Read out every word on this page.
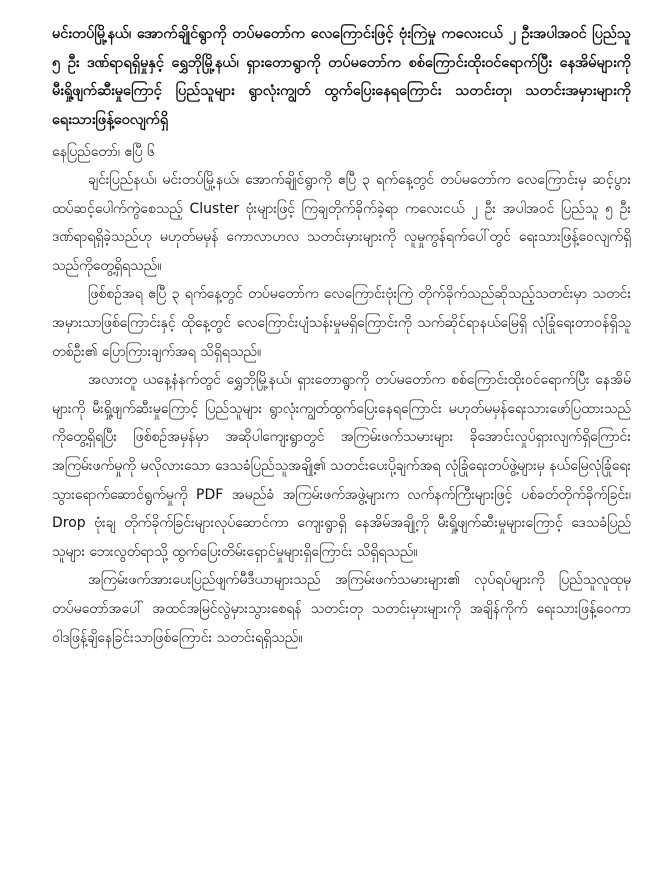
မင်းတပ်မြို့နယ်၊ အောက်ချိုင်ရွာကို တပ်မတော်က လေကြောင်းဖြင့် ဗုံးကြဲမှု ကလေးငယ် ၂ ဦးအပါအဝင် ပြည်သူ ၅ ဦး ဒဏ်ရာရရှိမှုနှင့် ရွှေဘိုမြို့နယ်၊ ရှားတောရွာကို တပ်မတော်က စစ်ကြောင်းထိုးဝင်ရောက်ပြီး နေအိမ်များကို မီးရှို့ဖျက်ဆီးမှုကြောင့် ပြည်သူများ ရွာလုံးကျွတ် ထွက်ပြေးနေရကြောင်း သတင်းတု၊ သတင်းအမှားများကို ရေးသားဖြန့်ဝေလျက်ရှိ

နေပြည်တော်၊ ဧပြီ ၆

ချင်းပြည်နယ်၊ မင်းတပ်မြို့နယ်၊ အောက်ချိုင်ရွာကို ဧပြီ ၃ ရက်နေ့တွင် တပ်မတော်က လေကြောင်းမှ ဆင့်ပွားထပ်ဆင့်ပေါက်ကွဲစေသည့် Cluster ဗုံးများဖြင့် ကြချတိုက်ခိုက်ခဲ့ရာ ကလေးငယ် ၂ ဦး အပါအဝင် ပြည်သူ ၅ ဦး ဒဏ်ရာရရှိခဲ့သည်ဟု မဟုတ်မမှန် ကောလာဟလ သတင်းမှားများကို လူမှုကွန်ရက်ပေါ်တွင် ရေးသားဖြန့်ဝေလျက်ရှိသည်ကိုတွေ့ရှိရသည်။

ဖြစ်စဉ်အရ ဧပြီ ၃ ရက်နေ့တွင် တပ်မတော်က လေကြောင်းဗုံးကြဲ တိုက်ခိုက်သည်ဆိုသည့်သတင်းမှာ သတင်းအမှားသာဖြစ်ကြောင်းနှင့် ထိုနေ့တွင် လေကြောင်းပျံသန်းမှုမရှိကြောင်းကို သက်ဆိုင်ရာနယ်မြေရှိ လုံခြုံရေးတာဝန်ရှိသူတစ်ဦး၏ ပြောကြားချက်အရ သိရှိရသည်။

အလားတူ ယနေ့နံနက်တွင် ရွှေဘိုမြို့နယ်၊ ရှားတောရွာကို တပ်မတော်က စစ်ကြောင်းထိုးဝင်ရောက်ပြီး နေအိမ်များကို မီးရှို့ဖျက်ဆီးမှုကြောင့် ပြည်သူများ ရွာလုံးကျွတ်ထွက်ပြေးနေရကြောင်း မဟုတ်မမှန်ရေးသားဖော်ပြထားသည်ကိုတွေ့ရှိရပြီး ဖြစ်စဉ်အမှန်မှာ အဆိုပါကျေးရွာတွင် အကြမ်းဖက်သမားများ ခိုအောင်းလှုပ်ရှားလျက်ရှိကြောင်း အကြမ်းဖက်မှုကို မလိုလားသော ဒေသခံပြည်သူအချို့၏ သတင်းပေးပို့ချက်အရ လုံခြုံရေးတပ်ဖွဲ့များမှ နယ်မြေလုံခြုံရေးသွားရောက်ဆောင်ရွက်မှုကို PDF အမည်ခံ အကြမ်းဖက်အဖွဲ့များက လက်နက်ကြီးများဖြင့် ပစ်ခတ်တိုက်ခိုက်ခြင်း၊ Drop ဗုံးချ တိုက်ခိုက်ခြင်းများလုပ်ဆောင်ကာ ကျေးရွာရှိ နေအိမ်အချို့ကို မီးရှို့ဖျက်ဆီးမှုများကြောင့် ဒေသခံပြည်သူများ ဘေးလွတ်ရာသို့ ထွက်ပြေးတိမ်းရှောင်မှုများရှိကြောင်း သိရှိရသည်။

အကြမ်းဖက်အားပေးပြည်ဖျက်မီဒီယာများသည် အကြမ်းဖက်သမားများ၏ လုပ်ရပ်များကို ပြည်သူလူထုမှ တပ်မတော်အပေါ် အထင်အမြင်လွဲမှားသွားစေရန် သတင်းတု သတင်းမှားများကို အချိန်ကိုက် ရေးသားဖြန့်ဝေကာ ဝါဒဖြန့်ချိနေခြင်းသာဖြစ်ကြောင်း သတင်းရရှိသည်။
